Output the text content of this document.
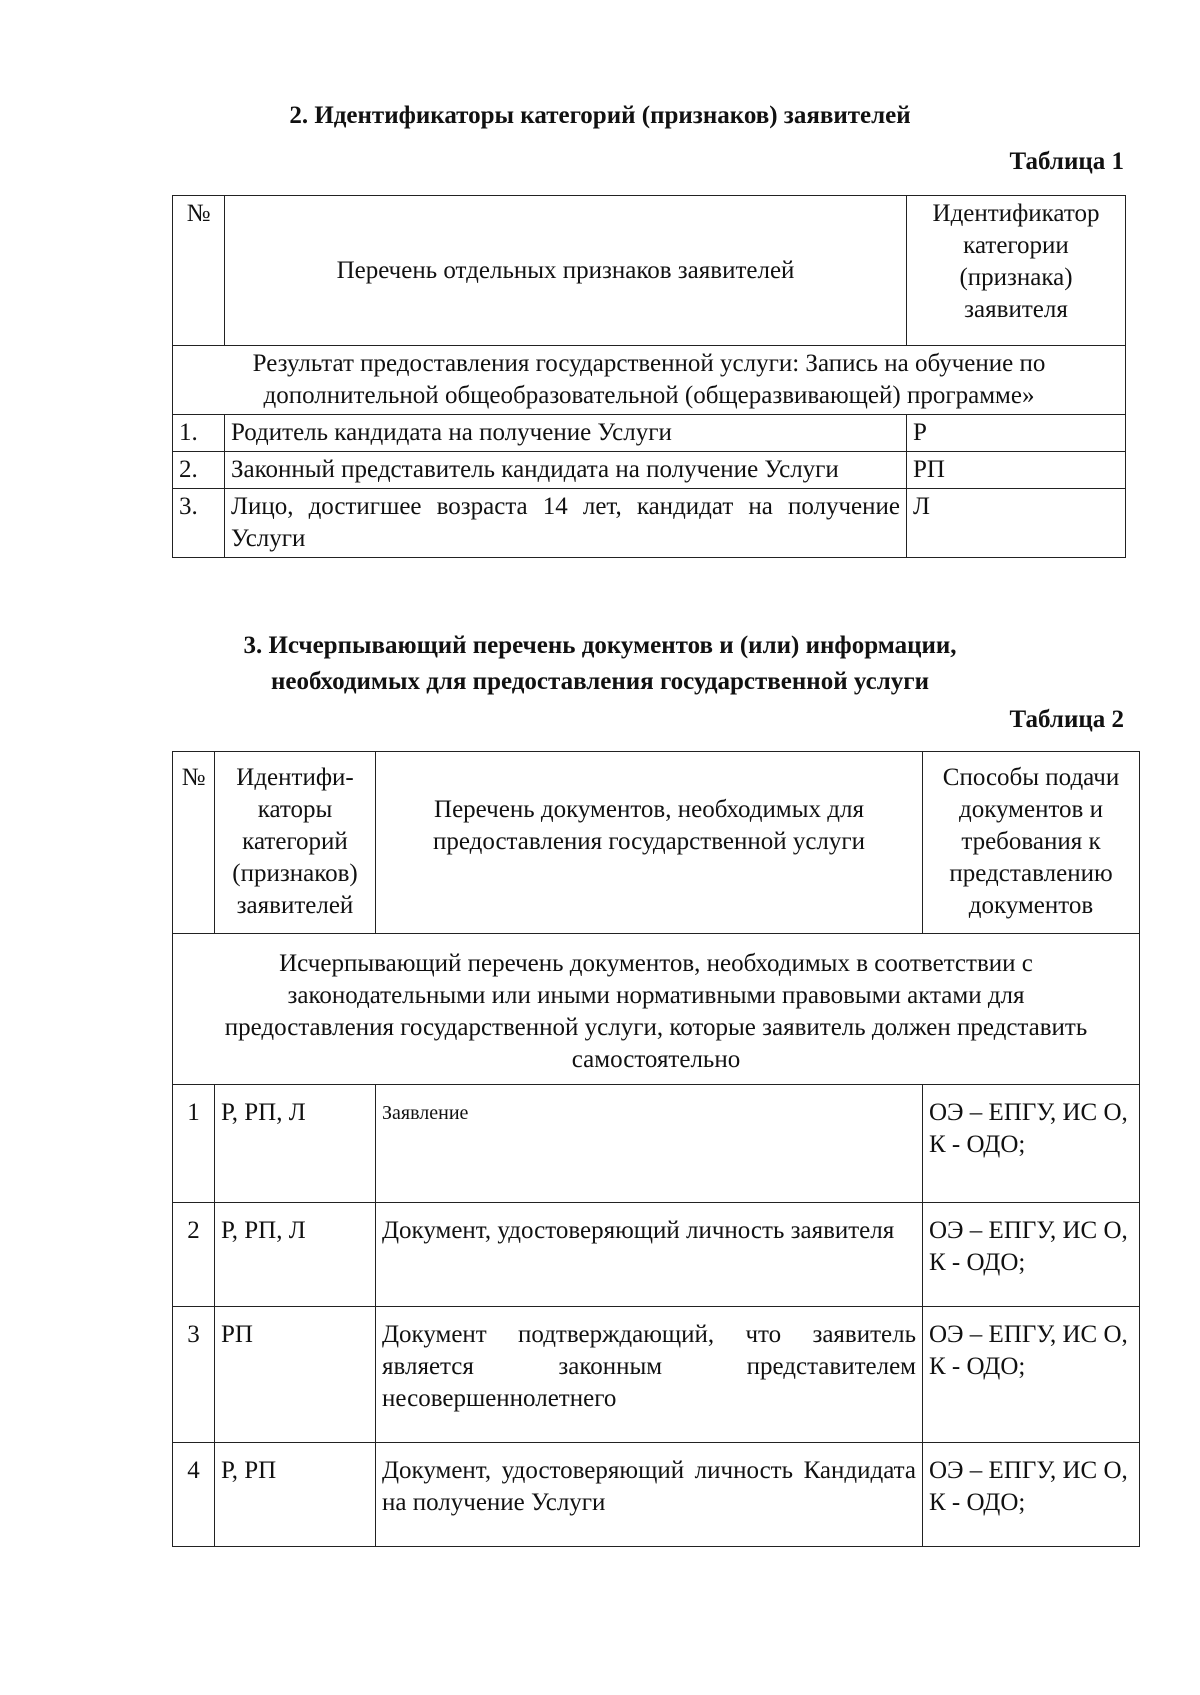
2. Идентификаторы категорий (признаков) заявителей
Таблица 1
№	Перечень отдельных признаков заявителей	Идентификатор категории (признака) заявителя
Результат предоставления государственной услуги: Запись на обучение по дополнительной общеобразовательной (общеразвивающей) программе»		
1.	Родитель кандидата на получение Услуги	Р
2.	Законный представитель кандидата на получение Услуги	РП
3.	Лицо, достигшее возраста 14 лет, кандидат на получение Услуги	Л
3. Исчерпывающий перечень документов и (или) информации,
необходимых для предоставления государственной услуги
Таблица 2
№	Идентифи-каторы категорий (признаков) заявителей	Перечень документов, необходимых для предоставления государственной услуги	Способы подачи документов и требования к представлению документов
Исчерпывающий перечень документов, необходимых в соответствии с законодательными или иными нормативными правовыми актами для предоставления государственной услуги, которые заявитель должен представить самостоятельно			
1	Р, РП, Л	Заявление	ОЭ – ЕПГУ, ИС О, К - ОДО;
2	Р, РП, Л	Документ, удостоверяющий личность заявителя	ОЭ – ЕПГУ, ИС О, К - ОДО;
3	РП	Документ подтверждающий, что заявитель является законным представителем несовершеннолетнего	ОЭ – ЕПГУ, ИС О, К - ОДО;
4	Р, РП	Документ, удостоверяющий личность Кандидата на получение Услуги	ОЭ – ЕПГУ, ИС О, К - ОДО;
